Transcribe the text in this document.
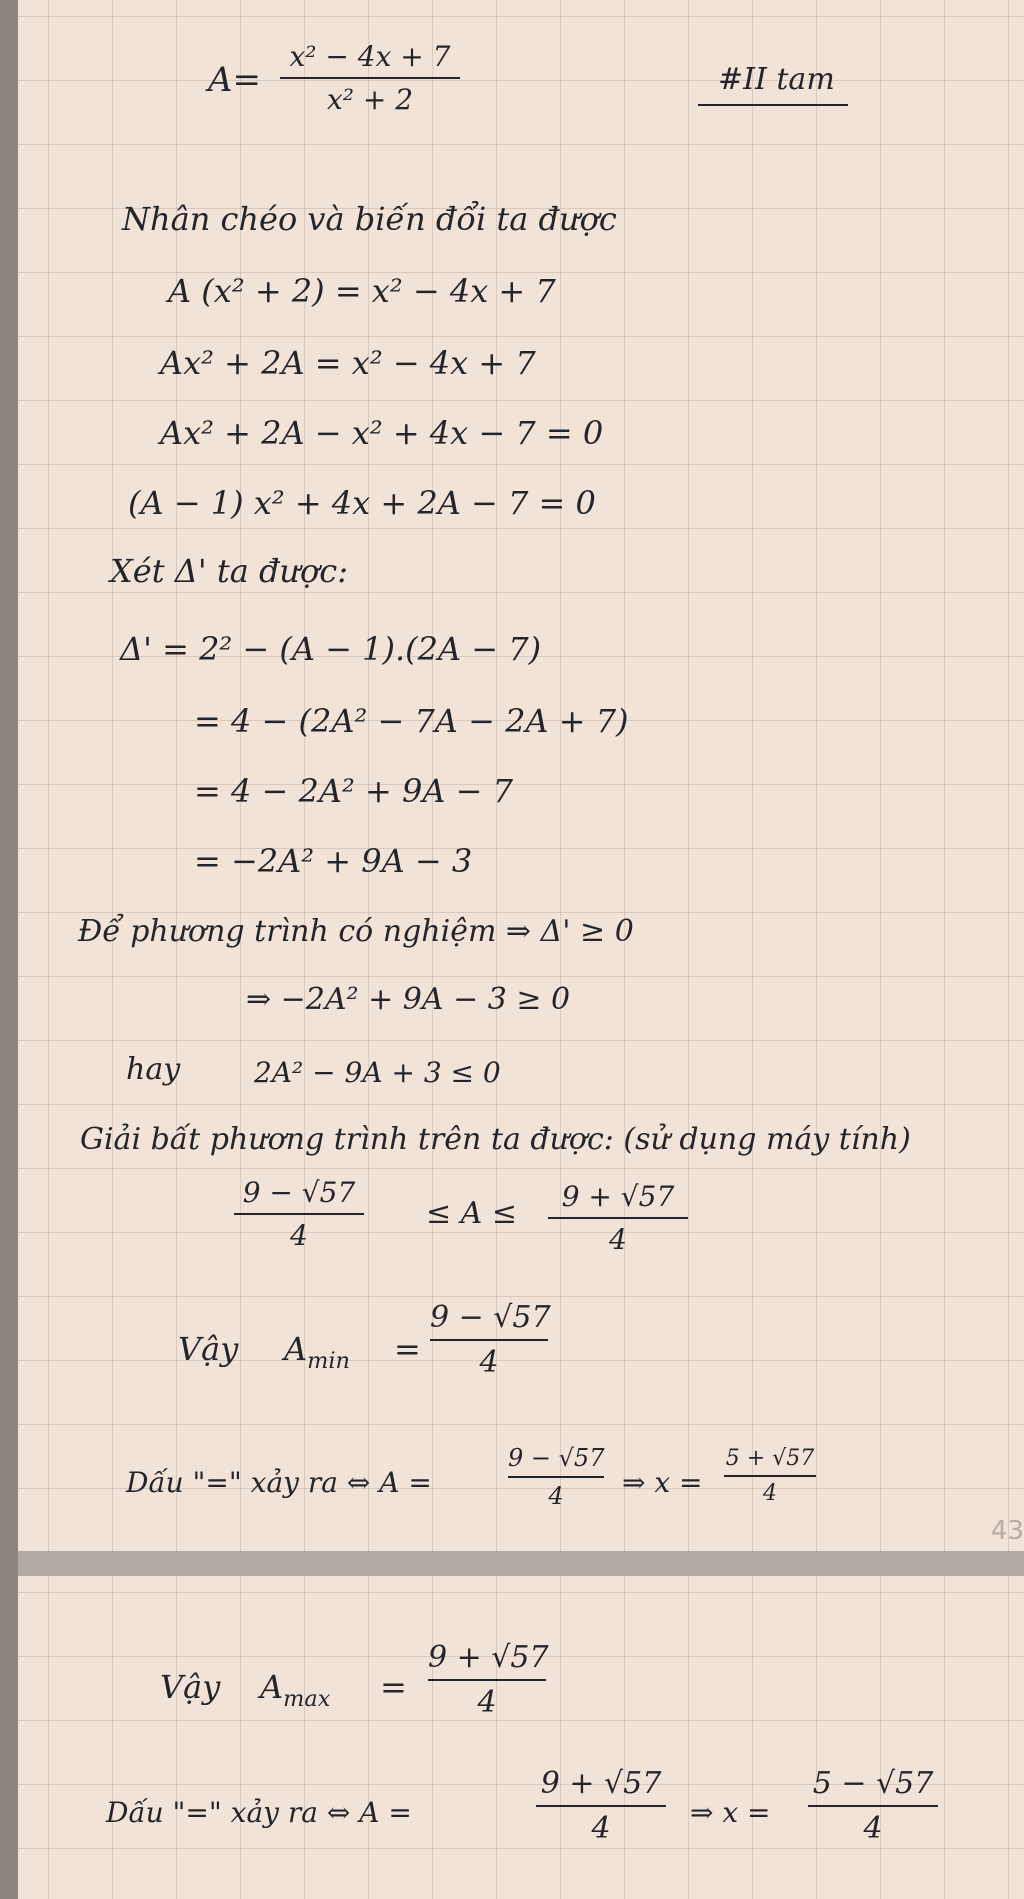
A=
x² − 4x + 7
x² + 2
#II tam
Nhân chéo và biến đổi ta được
A (x² + 2) = x² − 4x + 7
Ax² + 2A = x² − 4x + 7
Ax² + 2A − x² + 4x − 7 = 0
(A − 1) x² + 4x + 2A − 7 = 0
Xét Δ' ta được:
Δ' = 2² − (A − 1).(2A − 7)
= 4 − (2A² − 7A − 2A + 7)
= 4 − 2A² + 9A − 7
= −2A² + 9A − 3
Để phương trình có nghiệm ⇒ Δ' ≥ 0
⇒ −2A² + 9A − 3 ≥ 0
hay	2A² − 9A + 3 ≤ 0
Giải bất phương trình trên ta được: (sử dụng máy tính)
9 − √57
4
≤ A ≤	9 + √57
4
Vậy $A_{min}$ =
9 − √57
4
Dấu "=" xảy ra ⇔ A =
9 − √57
4	⇒ x =
5 + √57
4
43
Vậy $A_{max}$ =
9 + √57
4
Dấu "=" xảy ra ⇔ A =
9 + √57
4	⇒ x =
5 − √57
4
